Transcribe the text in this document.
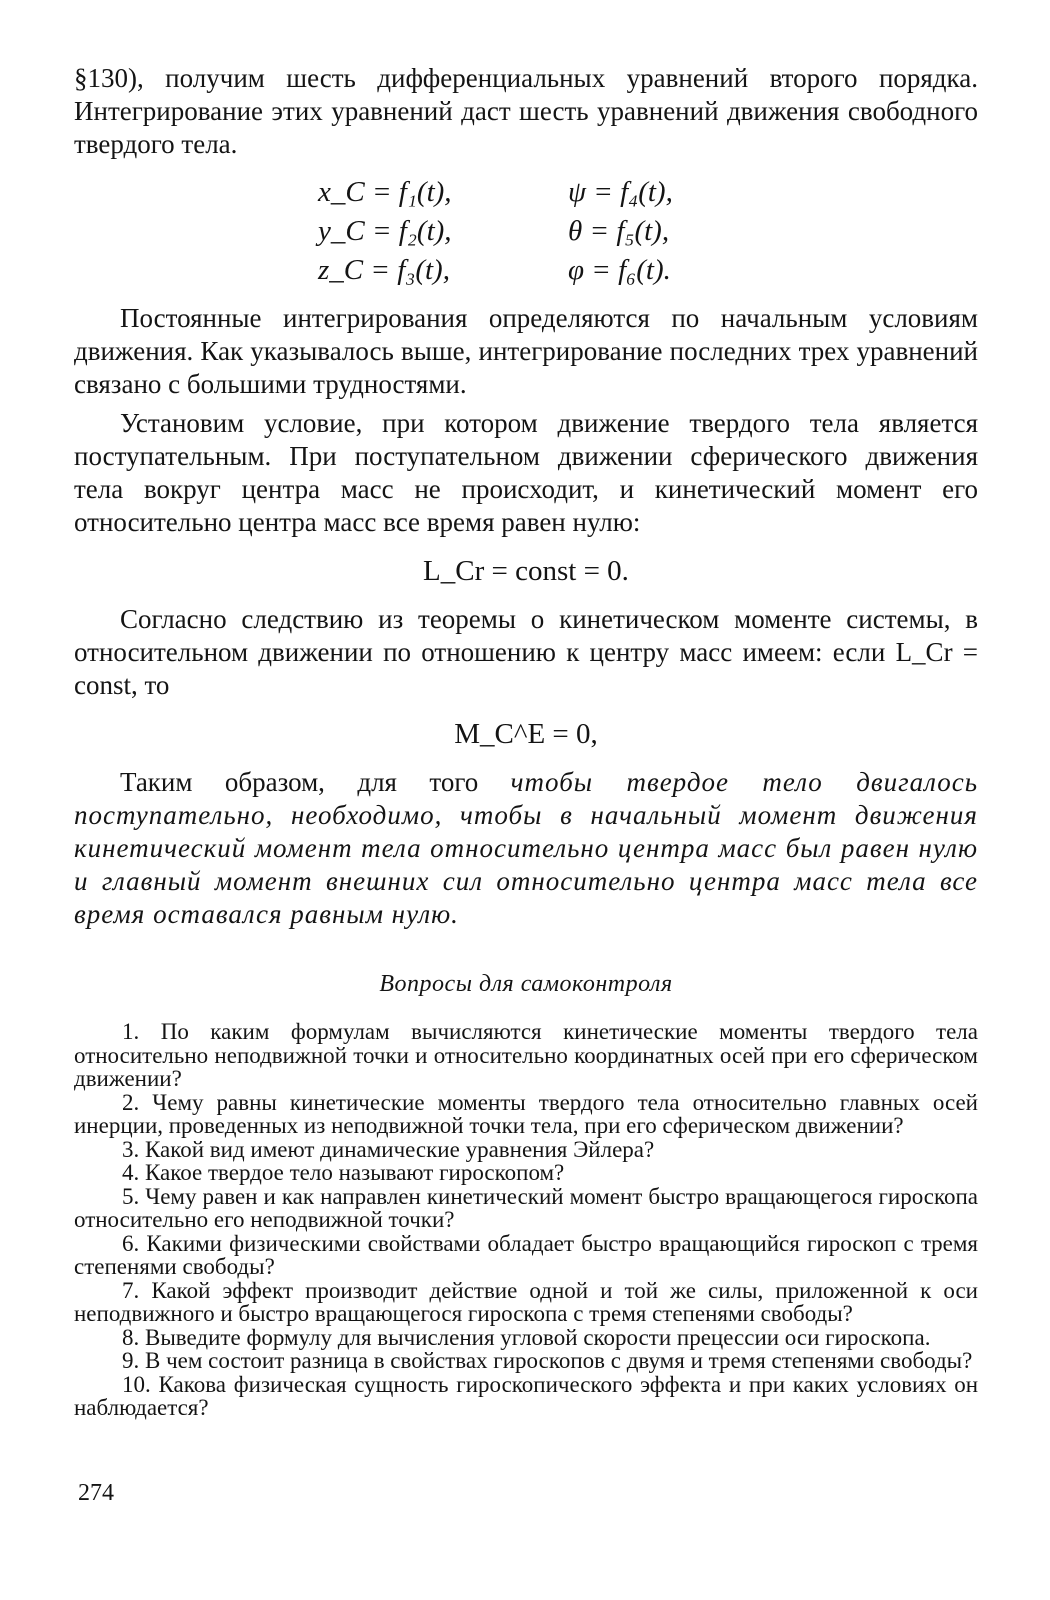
§130), получим шесть дифференциальных уравнений второго порядка. Интегрирование этих уравнений даст шесть уравнений движения свободного твердого тела.

x_C = f₁(t),	ψ = f₄(t),
y_C = f₂(t),	θ = f₅(t),
z_C = f₃(t),	φ = f₆(t).

Постоянные интегрирования определяются по начальным условиям движения. Как указывалось выше, интегрирование последних трех уравнений связано с большими трудностями.

Установим условие, при котором движение твердого тела является поступательным. При поступательном движении сферического движения тела вокруг центра масс не происходит, и кинетический момент его относительно центра масс все время равен нулю:

L_Cr = const = 0.

Согласно следствию из теоремы о кинетическом моменте системы, в относительном движении по отношению к центру масс имеем: если L_Cr = const, то

M_C^E = 0,

Таким образом, для того чтобы твердое тело двигалось поступательно, необходимо, чтобы в начальный момент движения кинетический момент тела относительно центра масс был равен нулю и главный момент внешних сил относительно центра масс тела все время оставался равным нулю.

Вопросы для самоконтроля
1. По каким формулам вычисляются кинетические моменты твердого тела относительно неподвижной точки и относительно координатных осей при его сферическом движении?
2. Чему равны кинетические моменты твердого тела относительно главных осей инерции, проведенных из неподвижной точки тела, при его сферическом движении?
3. Какой вид имеют динамические уравнения Эйлера?
4. Какое твердое тело называют гироскопом?
5. Чему равен и как направлен кинетический момент быстро вращающегося гироскопа относительно его неподвижной точки?
6. Какими физическими свойствами обладает быстро вращающийся гироскоп с тремя степенями свободы?
7. Какой эффект производит действие одной и той же силы, приложенной к оси неподвижного и быстро вращающегося гироскопа с тремя степенями свободы?
8. Выведите формулу для вычисления угловой скорости прецессии оси гироскопа.
9. В чем состоит разница в свойствах гироскопов с двумя и тремя степенями свободы?
10. Какова физическая сущность гироскопического эффекта и при каких условиях он наблюдается?
274
